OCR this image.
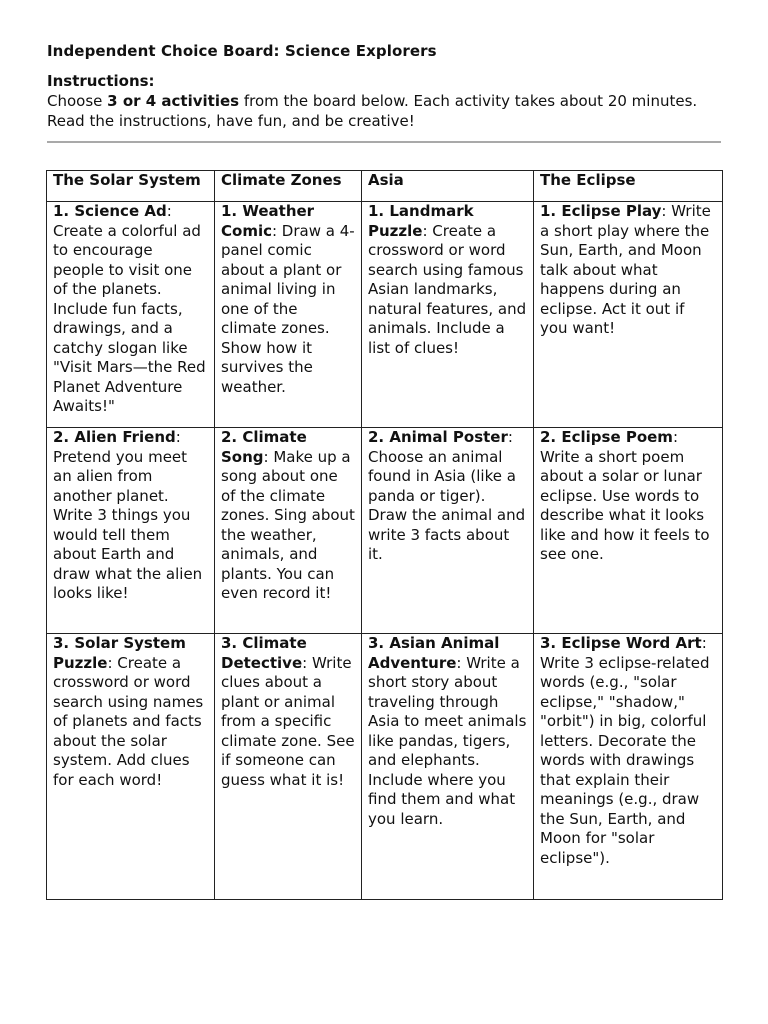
Independent Choice Board: Science Explorers
Instructions:
Choose 3 or 4 activities from the board below. Each activity takes about 20 minutes.
Read the instructions, have fun, and be creative!
The Solar System	Climate Zones	Asia	The Eclipse
1. Science Ad: Create a colorful ad to encourage people to visit one of the planets. Include fun facts, drawings, and a catchy slogan like "Visit Mars—the Red Planet Adventure Awaits!"	1. Weather Comic: Draw a 4-panel comic about a plant or animal living in one of the climate zones. Show how it survives the weather.	1. Landmark Puzzle: Create a crossword or word search using famous Asian landmarks, natural features, and animals. Include a list of clues!	1. Eclipse Play: Write a short play where the Sun, Earth, and Moon talk about what happens during an eclipse. Act it out if you want!
2. Alien Friend: Pretend you meet an alien from another planet. Write 3 things you would tell them about Earth and draw what the alien looks like!	2. Climate Song: Make up a song about one of the climate zones. Sing about the weather, animals, and plants. You can even record it!	2. Animal Poster: Choose an animal found in Asia (like a panda or tiger). Draw the animal and write 3 facts about it.	2. Eclipse Poem: Write a short poem about a solar or lunar eclipse. Use words to describe what it looks like and how it feels to see one.
3. Solar System Puzzle: Create a crossword or word search using names of planets and facts about the solar system. Add clues for each word!	3. Climate Detective: Write clues about a plant or animal from a specific climate zone. See if someone can guess what it is!	3. Asian Animal Adventure: Write a short story about traveling through Asia to meet animals like pandas, tigers, and elephants. Include where you find them and what you learn.	3. Eclipse Word Art: Write 3 eclipse-related words (e.g., "solar eclipse," "shadow," "orbit") in big, colorful letters. Decorate the words with drawings that explain their meanings (e.g., draw the Sun, Earth, and Moon for "solar eclipse").
